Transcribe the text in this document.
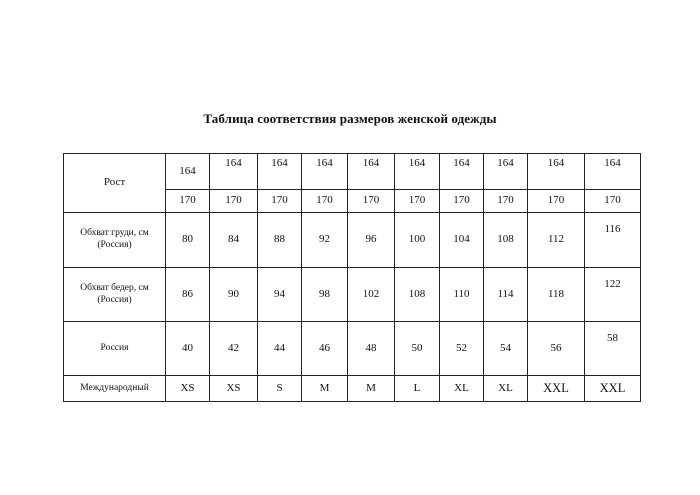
Таблица соответствия размеров женской одежды
Рост	164	164	164	164	164	164	164	164	164	164
	170	170	170	170	170	170	170	170	170	170

Обхват груди, см
(Россия)	80	84	88	92	96	100	104	108	112	116

Обхват бедер, см
(Россия)	86	90	94	98	102	108	110	114	118	122
Россия	40	42	44	46	48	50	52	54	56	58
Международный	XS	XS	S	M	M	L	XL	XL	XXL	XXL
